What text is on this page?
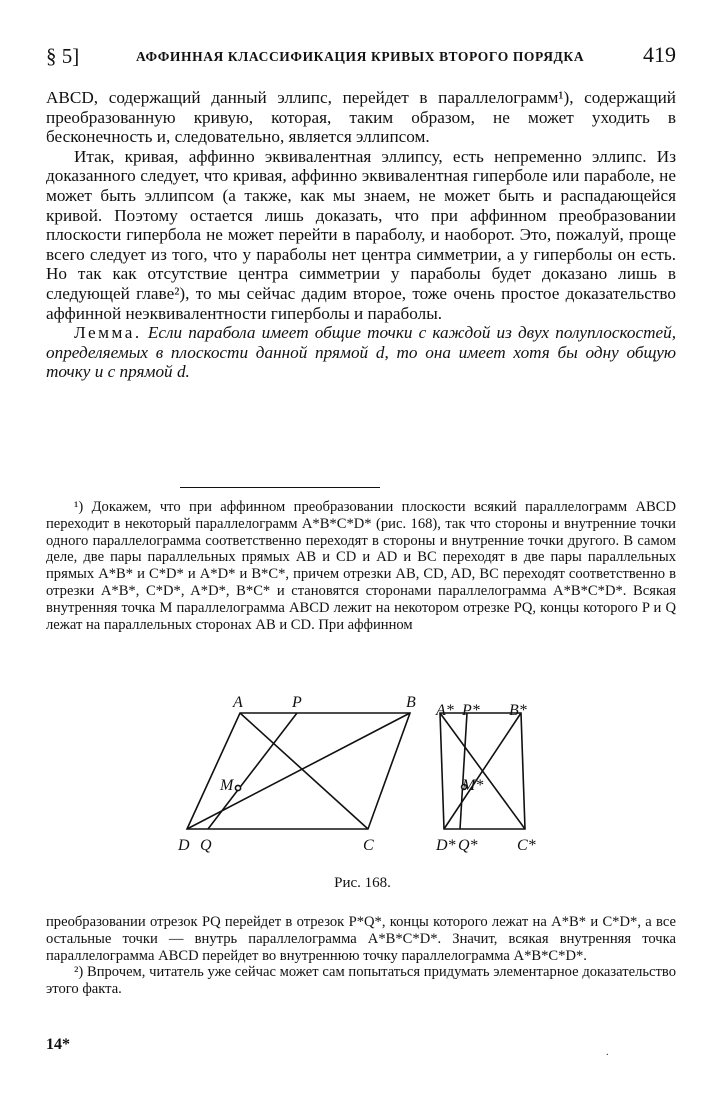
§ 5]	АФФИННАЯ КЛАССИФИКАЦИЯ КРИВЫХ ВТОРОГО ПОРЯДКА	419

ABCD, содержащий данный эллипс, перейдет в параллелограмм¹), содержащий преобразованную кривую, которая, таким образом, не может уходить в бесконечность и, следовательно, является эллипсом.

Итак, кривая, аффинно эквивалентная эллипсу, есть непременно эллипс. Из доказанного следует, что кривая, аффинно эквивалентная гиперболе или параболе, не может быть эллипсом (а также, как мы знаем, не может быть и распадающейся кривой. Поэтому остается лишь доказать, что при аффинном преобразовании плоскости гипербола не может перейти в параболу, и наоборот. Это, пожалуй, проще всего следует из того, что у параболы нет центра симметрии, а у гиперболы он есть. Но так как отсутствие центра симметрии у параболы будет доказано лишь в следующей главе²), то мы сейчас дадим второе, тоже очень простое доказательство аффинной неэквивалентности гиперболы и параболы.

Лемма. Если парабола имеет общие точки с каждой из двух полуплоскостей, определяемых в плоскости данной прямой d, то она имеет хотя бы одну общую точку и с прямой d.

¹) Докажем, что при аффинном преобразовании плоскости всякий параллелограмм ABCD переходит в некоторый параллелограмм A*B*C*D* (рис. 168), так что стороны и внутренние точки одного параллелограмма соответственно переходят в стороны и внутренние точки другого. В самом деле, две пары параллельных прямых AB и CD и AD и BC переходят в две пары параллельных прямых A*B* и C*D* и A*D* и B*C*, причем отрезки AB, CD, AD, BC переходят соответственно в отрезки A*B*, C*D*, A*D*, B*C* и становятся сторонами параллелограмма A*B*C*D*. Всякая внутренняя точка M параллелограмма ABCD лежит на некотором отрезке PQ, концы которого P и Q лежат на параллельных сторонах AB и CD. При аффинном

A	P	B
M
D Q	C
A* P* B*
M*
D* Q* C*
Рис. 168.

преобразовании отрезок PQ перейдет в отрезок P*Q*, концы которого лежат на A*B* и C*D*, а все остальные точки — внутрь параллелограмма A*B*C*D*. Значит, всякая внутренняя точка параллелограмма ABCD перейдет во внутреннюю точку параллелограмма A*B*C*D*.

²) Впрочем, читатель уже сейчас может сам попытаться придумать элементарное доказательство этого факта.

14*	.
